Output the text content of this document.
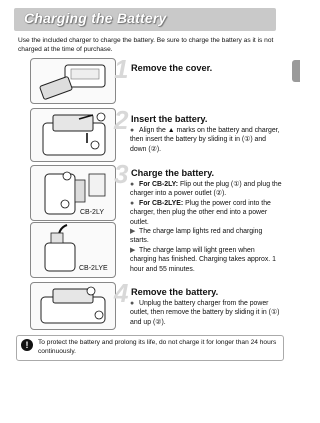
Charging the Battery
Use the included charger to charge the battery. Be sure to charge the battery as it is not charged at the time of purchase.
1 Remove the cover.
2 Insert the battery.
● Align the ▲ marks on the battery and charger, then insert the battery by sliding it in (①) and down (②).
CB-2LY
CB-2LYE
3 Charge the battery.
● For CB-2LY: Flip out the plug (①) and plug the charger into a power outlet (②).
● For CB-2LYE: Plug the power cord into the charger, then plug the other end into a power outlet.
▶ The charge lamp lights red and charging starts.
▶ The charge lamp will light green when charging has finished. Charging takes approx. 1 hour and 55 minutes.
4 Remove the battery.
● Unplug the battery charger from the power outlet, then remove the battery by sliding it in (①) and up (②).
!	To protect the battery and prolong its life, do not charge it for longer than 24 hours continuously.
